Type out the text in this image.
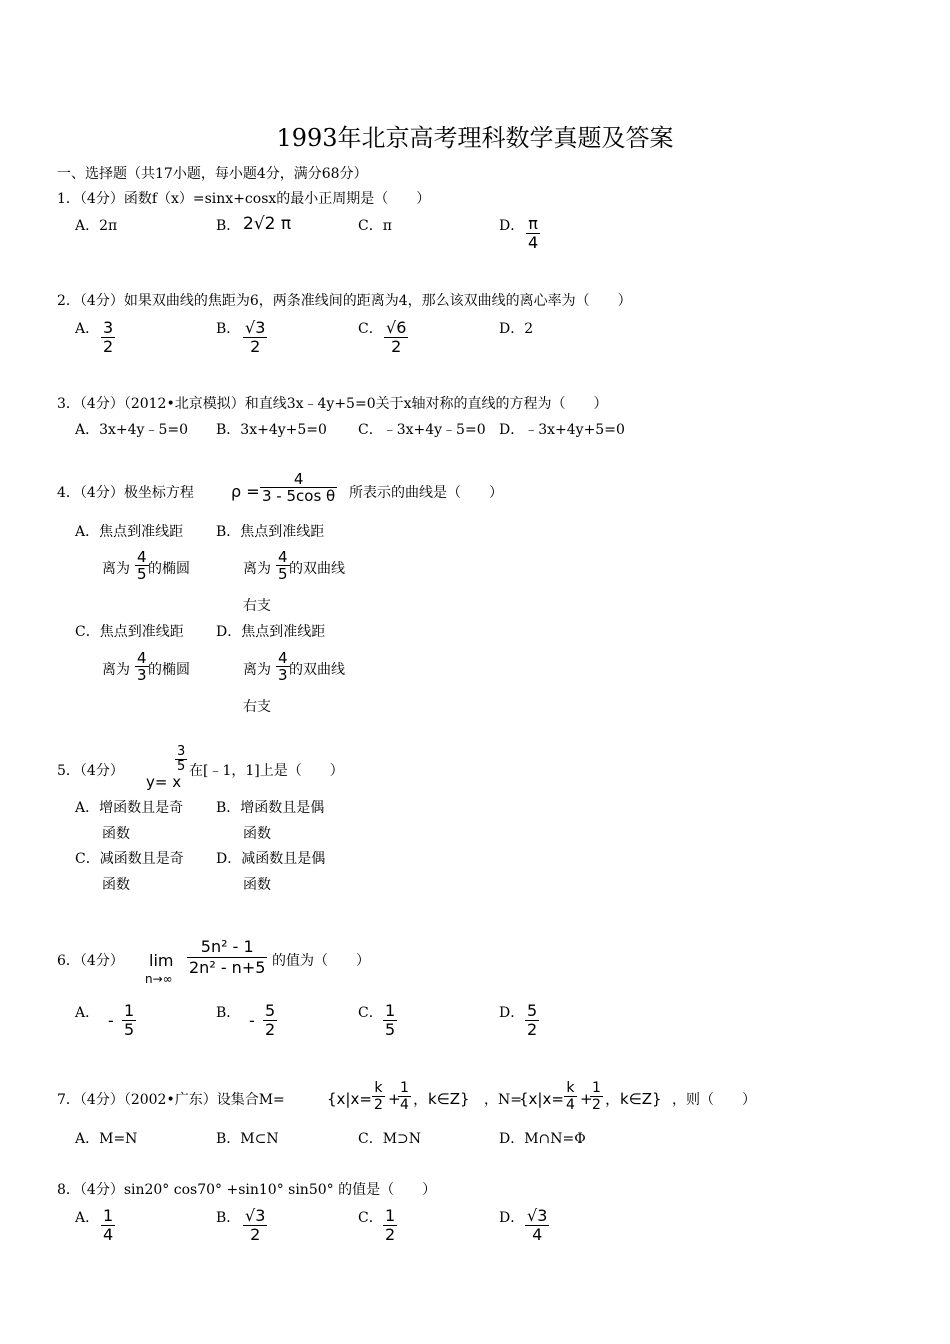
1993年北京高考理科数学真题及答案
一、选择题（共17小题，每小题4分，满分68分）
1．（4分）函数f（x）=sinx+cosx的最小正周期是（　　）
A．2π	B． 2√2 π	C．π	D． π
4
2．（4分）如果双曲线的焦距为6，两条准线间的距离为4，那么该双曲线的离心率为（　　）
A． 3
2
B． √3
2
C． √6
2
D．2
3．（4分）（2012•北京模拟）和直线3x﹣4y+5=0关于x轴对称的直线的方程为（　　）
A．3x+4y﹣5=0 B．3x+4y+5=0 C．﹣3x+4y﹣5=0 D．﹣3x+4y+5=0
4．（4分）极坐标方程 ρ =
4
3 - 5cos θ 所表示的曲线是（　　）
A．焦点到准线距
离为
4
5 的椭圆
B．焦点到准线距
离为
4
5 的双曲线
右支
C．焦点到准线距
离为
4
3 的椭圆
D．焦点到准线距
离为
4
3 的双曲线
右支
5．（4分）
y= x
3
5 在[﹣1，1]上是（　　）
A．增函数且是奇
函数
B．增函数且是偶
函数
C．减函数且是奇
函数
D．减函数且是偶
函数
6．（4分） lim
n→∞
5n² - 1
2n² - n+5 的值为（　　）
A． -
1
5
B． -
5
2
C． 1
5
D． 5
2
7．（4分）（2002•广东）设集合M=	{x|x=
k
2 +
1
4 ，k∈Z} ，N=
{x|x=
k
4 +
1
2 ，k∈Z} ，则（　　）
A．M=N	B．M⊂N	C．M⊃N	D．M∩N=Φ
8．（4分）sin20° cos70° +sin10° sin50° 的值是（　　）
A． 1
4
B． √3
2
C． 1
2
D． √3
4
